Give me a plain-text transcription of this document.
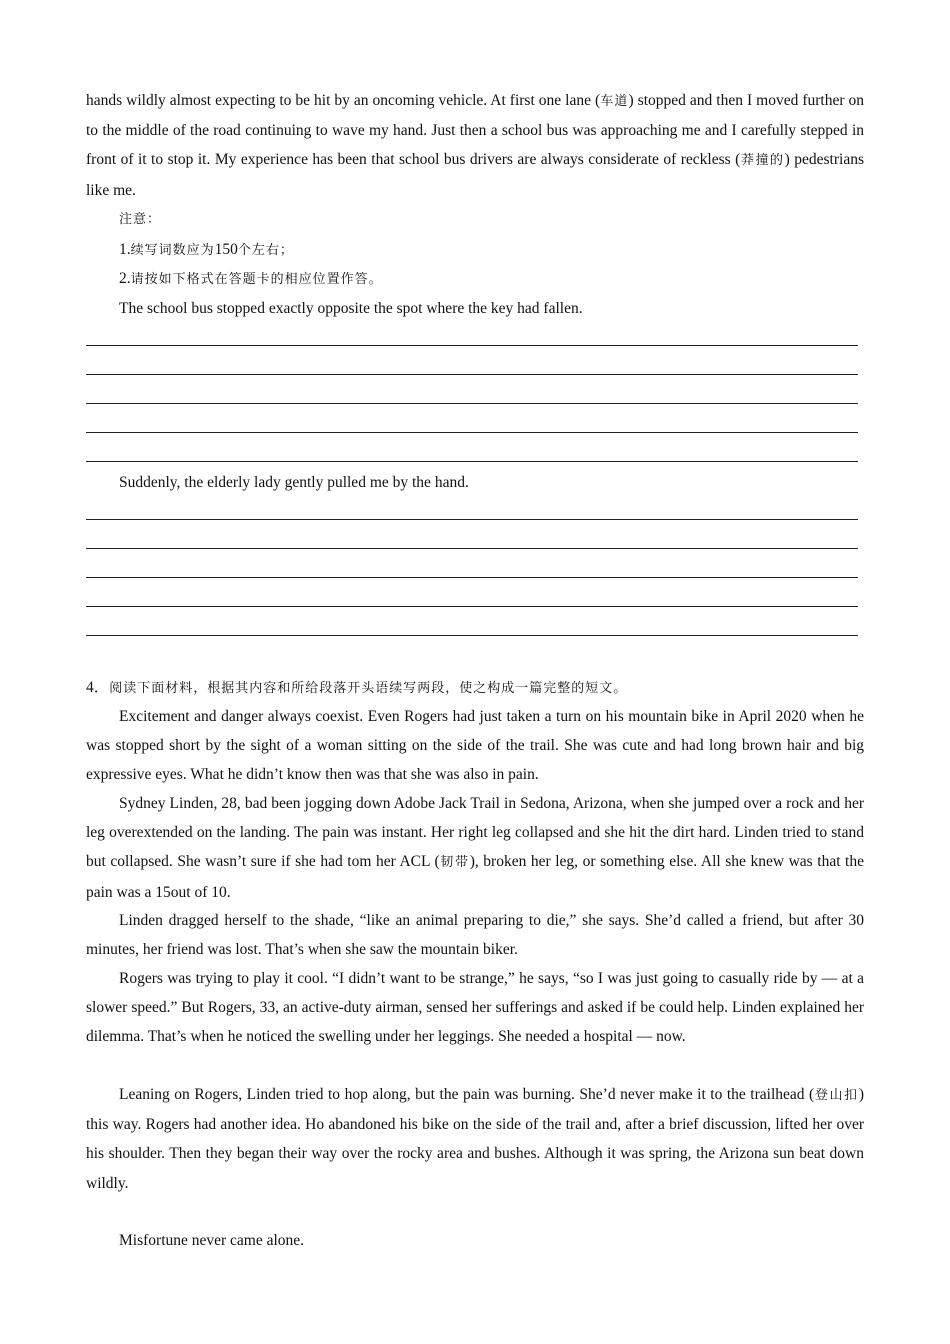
hands wildly almost expecting to be hit by an oncoming vehicle. At first one lane (车道) stopped and then I moved further on to the middle of the road continuing to wave my hand. Just then a school bus was approaching me and I carefully stepped in front of it to stop it. My experience has been that school bus drivers are always considerate of reckless (莽撞的) pedestrians like me.

注意：

1.续写词数应为150个左右；

2.请按如下格式在答题卡的相应位置作答。

The school bus stopped exactly opposite the spot where the key had fallen.

Suddenly, the elderly lady gently pulled me by the hand.

4．阅读下面材料，根据其内容和所给段落开头语续写两段，使之构成一篇完整的短文。

Excitement and danger always coexist. Even Rogers had just taken a turn on his mountain bike in April 2020 when he was stopped short by the sight of a woman sitting on the side of the trail. She was cute and had long brown hair and big expressive eyes. What he didn’t know then was that she was also in pain.

Sydney Linden, 28, bad been jogging down Adobe Jack Trail in Sedona, Arizona, when she jumped over a rock and her leg overextended on the landing. The pain was instant. Her right leg collapsed and she hit the dirt hard. Linden tried to stand but collapsed. She wasn’t sure if she had tom her ACL (韧带), broken her leg, or something else. All she knew was that the pain was a 15out of 10.

Linden dragged herself to the shade, “like an animal preparing to die,” she says. She’d called a friend, but after 30 minutes, her friend was lost. That’s when she saw the mountain biker.

Rogers was trying to play it cool. “I didn’t want to be strange,” he says, “so I was just going to casually ride by — at a slower speed.” But Rogers, 33, an active-duty airman, sensed her sufferings and asked if be could help. Linden explained her dilemma. That’s when he noticed the swelling under her leggings. She needed a hospital — now.

Leaning on Rogers, Linden tried to hop along, but the pain was burning. She’d never make it to the trailhead (登山扣) this way. Rogers had another idea. Ho abandoned his bike on the side of the trail and, after a brief discussion, lifted her over his shoulder. Then they began their way over the rocky area and bushes. Although it was spring, the Arizona sun beat down wildly.

Misfortune never came alone.
